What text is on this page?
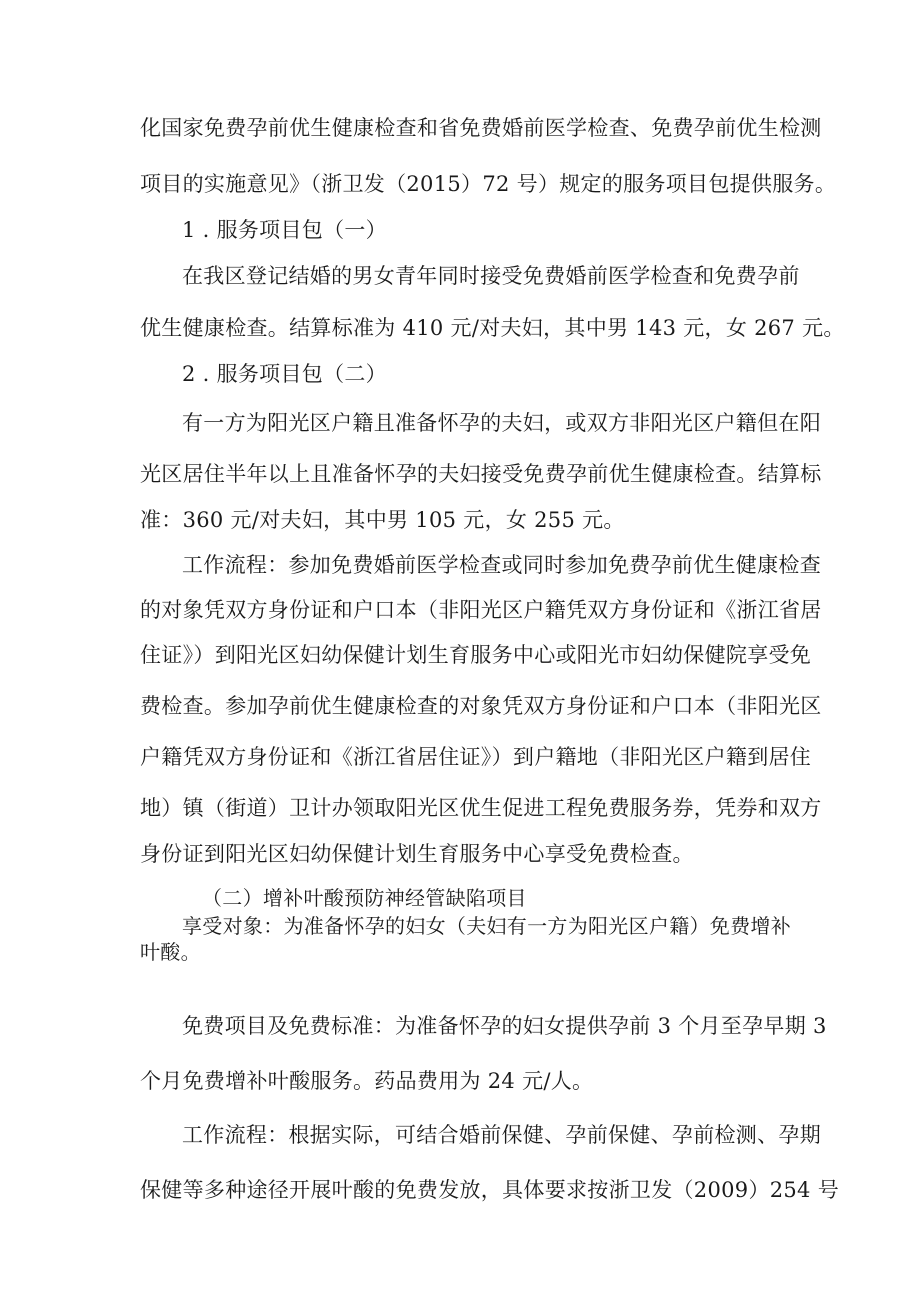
化国家免费孕前优生健康检查和省免费婚前医学检查、免费孕前优生检测
项目的实施意见》（浙卫发（2015）72 号）规定的服务项目包提供服务。
1 . 服务项目包（一）
在我区登记结婚的男女青年同时接受免费婚前医学检查和免费孕前
优生健康检查。结算标准为 410 元/对夫妇，其中男 143 元，女 267 元。
2 . 服务项目包（二）
有一方为阳光区户籍且准备怀孕的夫妇，或双方非阳光区户籍但在阳
光区居住半年以上且准备怀孕的夫妇接受免费孕前优生健康检查。结算标
准：360 元/对夫妇，其中男 105 元，女 255 元。
工作流程：参加免费婚前医学检查或同时参加免费孕前优生健康检查
的对象凭双方身份证和户口本（非阳光区户籍凭双方身份证和《浙江省居
住证》）到阳光区妇幼保健计划生育服务中心或阳光市妇幼保健院享受免
费检查。参加孕前优生健康检查的对象凭双方身份证和户口本（非阳光区
户籍凭双方身份证和《浙江省居住证》）到户籍地（非阳光区户籍到居住
地）镇（街道）卫计办领取阳光区优生促进工程免费服务券，凭券和双方
身份证到阳光区妇幼保健计划生育服务中心享受免费检查。
（二）增补叶酸预防神经管缺陷项目
享受对象：为准备怀孕的妇女（夫妇有一方为阳光区户籍）免费增补
叶酸。
免费项目及免费标准：为准备怀孕的妇女提供孕前 3 个月至孕早期 3
个月免费增补叶酸服务。药品费用为 24 元/人。
工作流程：根据实际，可结合婚前保健、孕前保健、孕前检测、孕期
保健等多种途径开展叶酸的免费发放，具体要求按浙卫发（2009）254 号
